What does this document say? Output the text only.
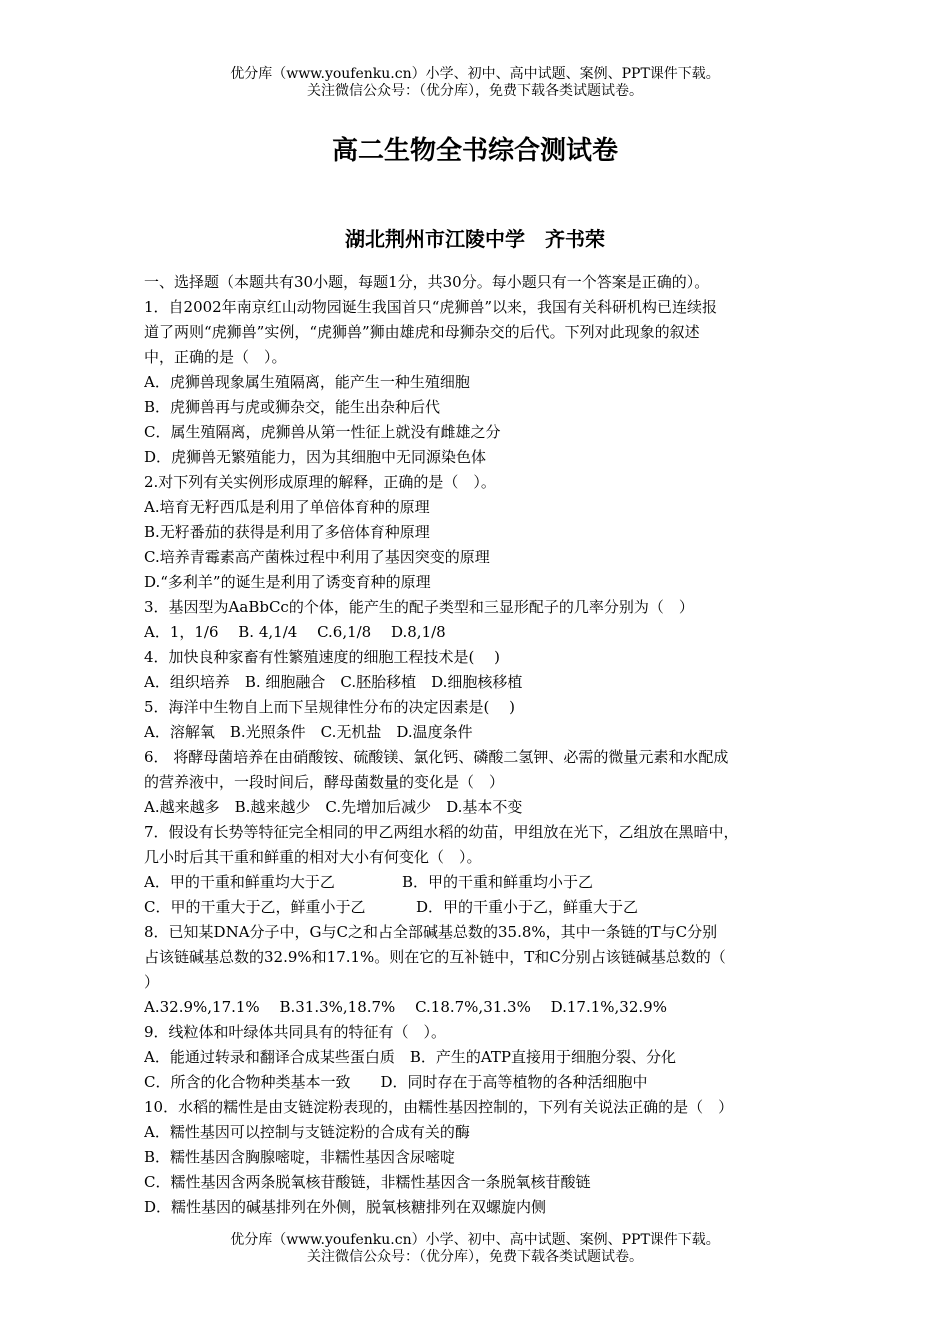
优分库（www.youfenku.cn）小学、初中、高中试题、案例、PPT课件下载。
关注微信公众号：（优分库），免费下载各类试题试卷。
高二生物全书综合测试卷
湖北荆州市江陵中学　齐书荣
一、选择题（本题共有30小题，每题1分，共30分。每小题只有一个答案是正确的）。
1．自2002年南京红山动物园诞生我国首只“虎狮兽”以来，我国有关科研机构已连续报
道了两则“虎狮兽”实例，“虎狮兽”狮由雄虎和母狮杂交的后代。下列对此现象的叙述
中，正确的是（　）。
A．虎狮兽现象属生殖隔离，能产生一种生殖细胞
B．虎狮兽再与虎或狮杂交，能生出杂种后代
C．属生殖隔离，虎狮兽从第一性征上就没有雌雄之分
D．虎狮兽无繁殖能力，因为其细胞中无同源染色体
2.对下列有关实例形成原理的解释，正确的是（　）。
A.培育无籽西瓜是利用了单倍体育种的原理
B.无籽番茄的获得是利用了多倍体育种原理
C.培养青霉素高产菌株过程中利用了基因突变的原理
D.“多利羊”的诞生是利用了诱变育种的原理
3．基因型为AaBbCc的个体，能产生的配子类型和三显形配子的几率分别为（　）
A．1，1/6　 B. 4,1/4　 C.6,1/8　 D.8,1/8
4．加快良种家畜有性繁殖速度的细胞工程技术是(　 )
A．组织培养　B. 细胞融合　C.胚胎移植　D.细胞核移植
5．海洋中生物自上而下呈规律性分布的决定因素是(　 )
A．溶解氧　B.光照条件　C.无机盐　D.温度条件
6． 将酵母菌培养在由硝酸铵、硫酸镁、氯化钙、磷酸二氢钾、必需的微量元素和水配成
的营养液中，一段时间后，酵母菌数量的变化是（　）
A.越来越多　B.越来越少　C.先增加后减少　D.基本不变
7．假设有长势等特征完全相同的甲乙两组水稻的幼苗，甲组放在光下，乙组放在黑暗中，
几小时后其干重和鲜重的相对大小有何变化（　）。
A．甲的干重和鲜重均大于乙	B．甲的干重和鲜重均小于乙
C．甲的干重大于乙，鲜重小于乙	D．甲的干重小于乙，鲜重大于乙
8．已知某DNA分子中，G与C之和占全部碱基总数的35.8%，其中一条链的T与C分别
占该链碱基总数的32.9%和17.1%。则在它的互补链中，T和C分别占该链碱基总数的（
）
A.32.9%,17.1%　 B.31.3%,18.7%　 C.18.7%,31.3%　 D.17.1%,32.9%
9．线粒体和叶绿体共同具有的特征有（　）。
A．能通过转录和翻译合成某些蛋白质　B．产生的ATP直接用于细胞分裂、分化
C．所含的化合物种类基本一致　　D．同时存在于高等植物的各种活细胞中
10．水稻的糯性是由支链淀粉表现的，由糯性基因控制的，下列有关说法正确的是（　）
A．糯性基因可以控制与支链淀粉的合成有关的酶
B．糯性基因含胸腺嘧啶，非糯性基因含尿嘧啶
C．糯性基因含两条脱氧核苷酸链，非糯性基因含一条脱氧核苷酸链
D．糯性基因的碱基排列在外侧，脱氧核糖排列在双螺旋内侧
优分库（www.youfenku.cn）小学、初中、高中试题、案例、PPT课件下载。
关注微信公众号：（优分库），免费下载各类试题试卷。
